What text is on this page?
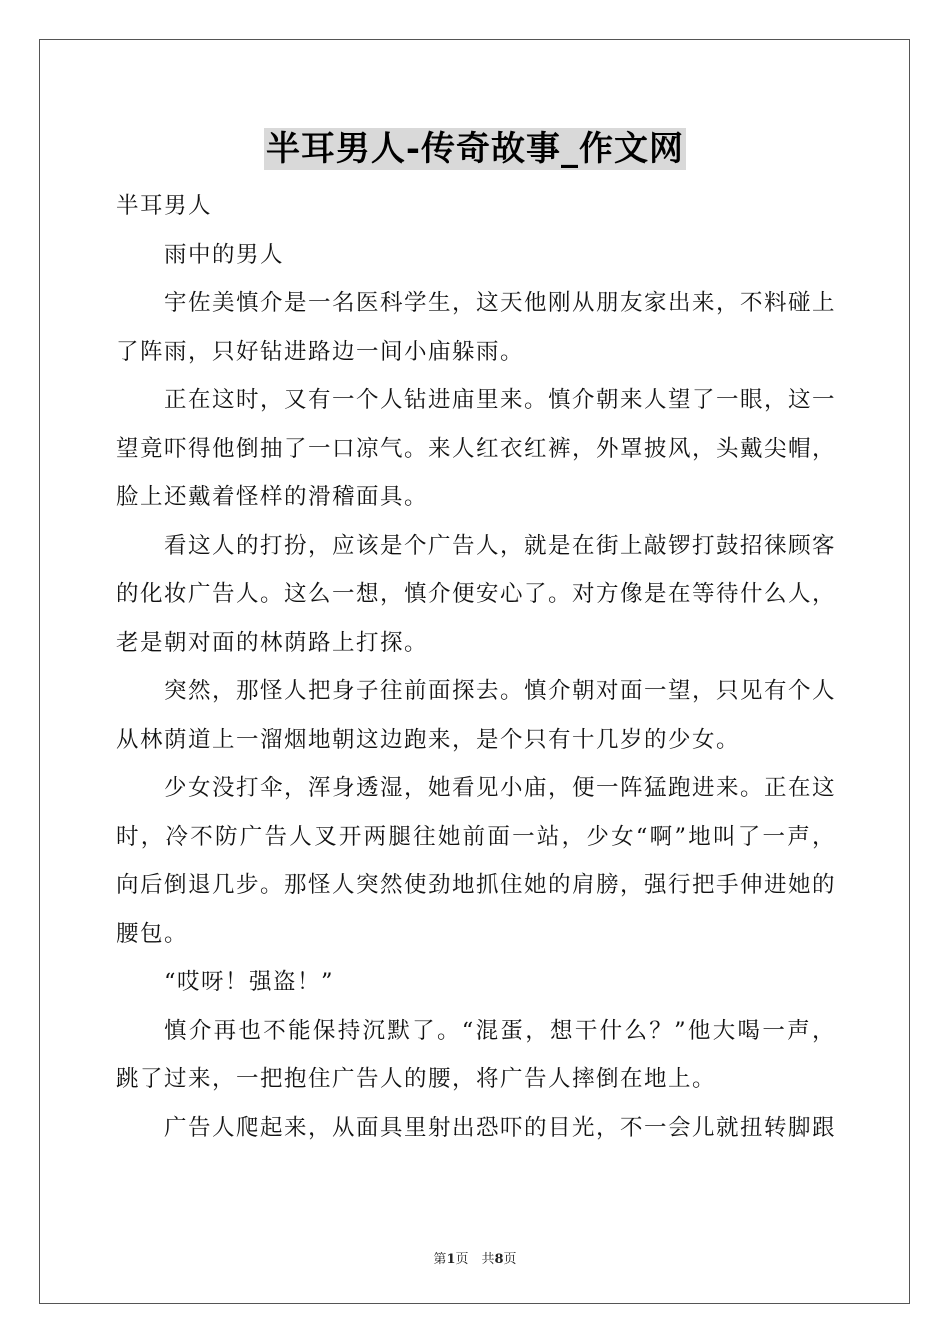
半耳男人-传奇故事_作文网

半耳男人

雨中的男人

宇佐美慎介是一名医科学生，这天他刚从朋友家出来，不料碰上了阵雨，只好钻进路边一间小庙躲雨。

正在这时，又有一个人钻进庙里来。慎介朝来人望了一眼，这一望竟吓得他倒抽了一口凉气。来人红衣红裤，外罩披风，头戴尖帽，脸上还戴着怪样的滑稽面具。

看这人的打扮，应该是个广告人，就是在街上敲锣打鼓招徕顾客的化妆广告人。这么一想，慎介便安心了。对方像是在等待什么人，老是朝对面的林荫路上打探。

突然，那怪人把身子往前面探去。慎介朝对面一望，只见有个人从林荫道上一溜烟地朝这边跑来，是个只有十几岁的少女。

少女没打伞，浑身透湿，她看见小庙，便一阵猛跑进来。正在这时，冷不防广告人叉开两腿往她前面一站，少女“啊”地叫了一声，向后倒退几步。那怪人突然使劲地抓住她的肩膀，强行把手伸进她的腰包。

“哎呀！强盗！”

慎介再也不能保持沉默了。“混蛋，想干什么？”他大喝一声，跳了过来，一把抱住广告人的腰，将广告人摔倒在地上。

广告人爬起来，从面具里射出恐吓的目光，不一会儿就扭转脚跟

第1页　共8页
